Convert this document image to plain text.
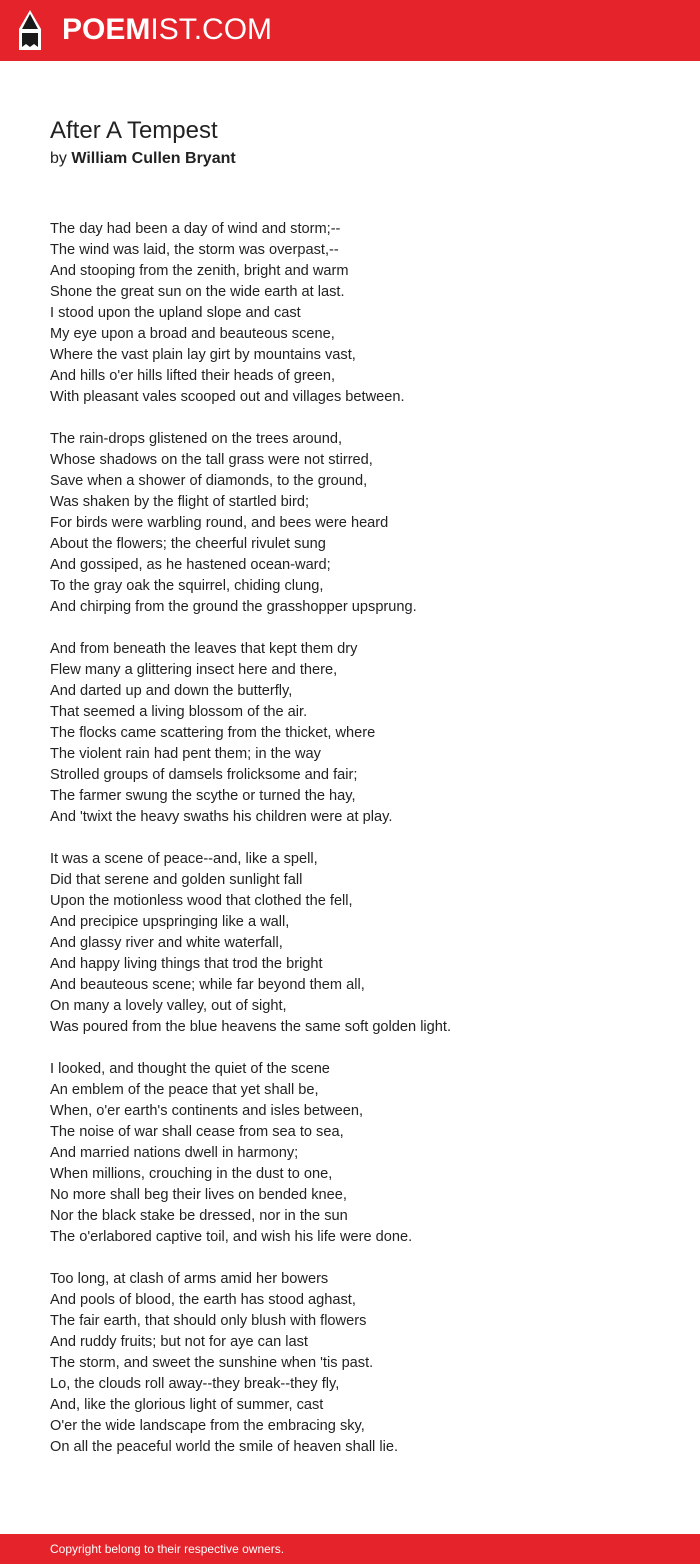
POEMIST.COM
After A Tempest
by William Cullen Bryant
The day had been a day of wind and storm;--
The wind was laid, the storm was overpast,--
And stooping from the zenith, bright and warm
Shone the great sun on the wide earth at last.
I stood upon the upland slope and cast
My eye upon a broad and beauteous scene,
Where the vast plain lay girt by mountains vast,
And hills o'er hills lifted their heads of green,
With pleasant vales scooped out and villages between.
The rain-drops glistened on the trees around,
Whose shadows on the tall grass were not stirred,
Save when a shower of diamonds, to the ground,
Was shaken by the flight of startled bird;
For birds were warbling round, and bees were heard
About the flowers; the cheerful rivulet sung
And gossiped, as he hastened ocean-ward;
To the gray oak the squirrel, chiding clung,
And chirping from the ground the grasshopper upsprung.
And from beneath the leaves that kept them dry
Flew many a glittering insect here and there,
And darted up and down the butterfly,
That seemed a living blossom of the air.
The flocks came scattering from the thicket, where
The violent rain had pent them; in the way
Strolled groups of damsels frolicksome and fair;
The farmer swung the scythe or turned the hay,
And 'twixt the heavy swaths his children were at play.
It was a scene of peace--and, like a spell,
Did that serene and golden sunlight fall
Upon the motionless wood that clothed the fell,
And precipice upspringing like a wall,
And glassy river and white waterfall,
And happy living things that trod the bright
And beauteous scene; while far beyond them all,
On many a lovely valley, out of sight,
Was poured from the blue heavens the same soft golden light.
I looked, and thought the quiet of the scene
An emblem of the peace that yet shall be,
When, o'er earth's continents and isles between,
The noise of war shall cease from sea to sea,
And married nations dwell in harmony;
When millions, crouching in the dust to one,
No more shall beg their lives on bended knee,
Nor the black stake be dressed, nor in the sun
The o'erlabored captive toil, and wish his life were done.
Too long, at clash of arms amid her bowers
And pools of blood, the earth has stood aghast,
The fair earth, that should only blush with flowers
And ruddy fruits; but not for aye can last
The storm, and sweet the sunshine when 'tis past.
Lo, the clouds roll away--they break--they fly,
And, like the glorious light of summer, cast
O'er the wide landscape from the embracing sky,
On all the peaceful world the smile of heaven shall lie.
Copyright belong to their respective owners.
